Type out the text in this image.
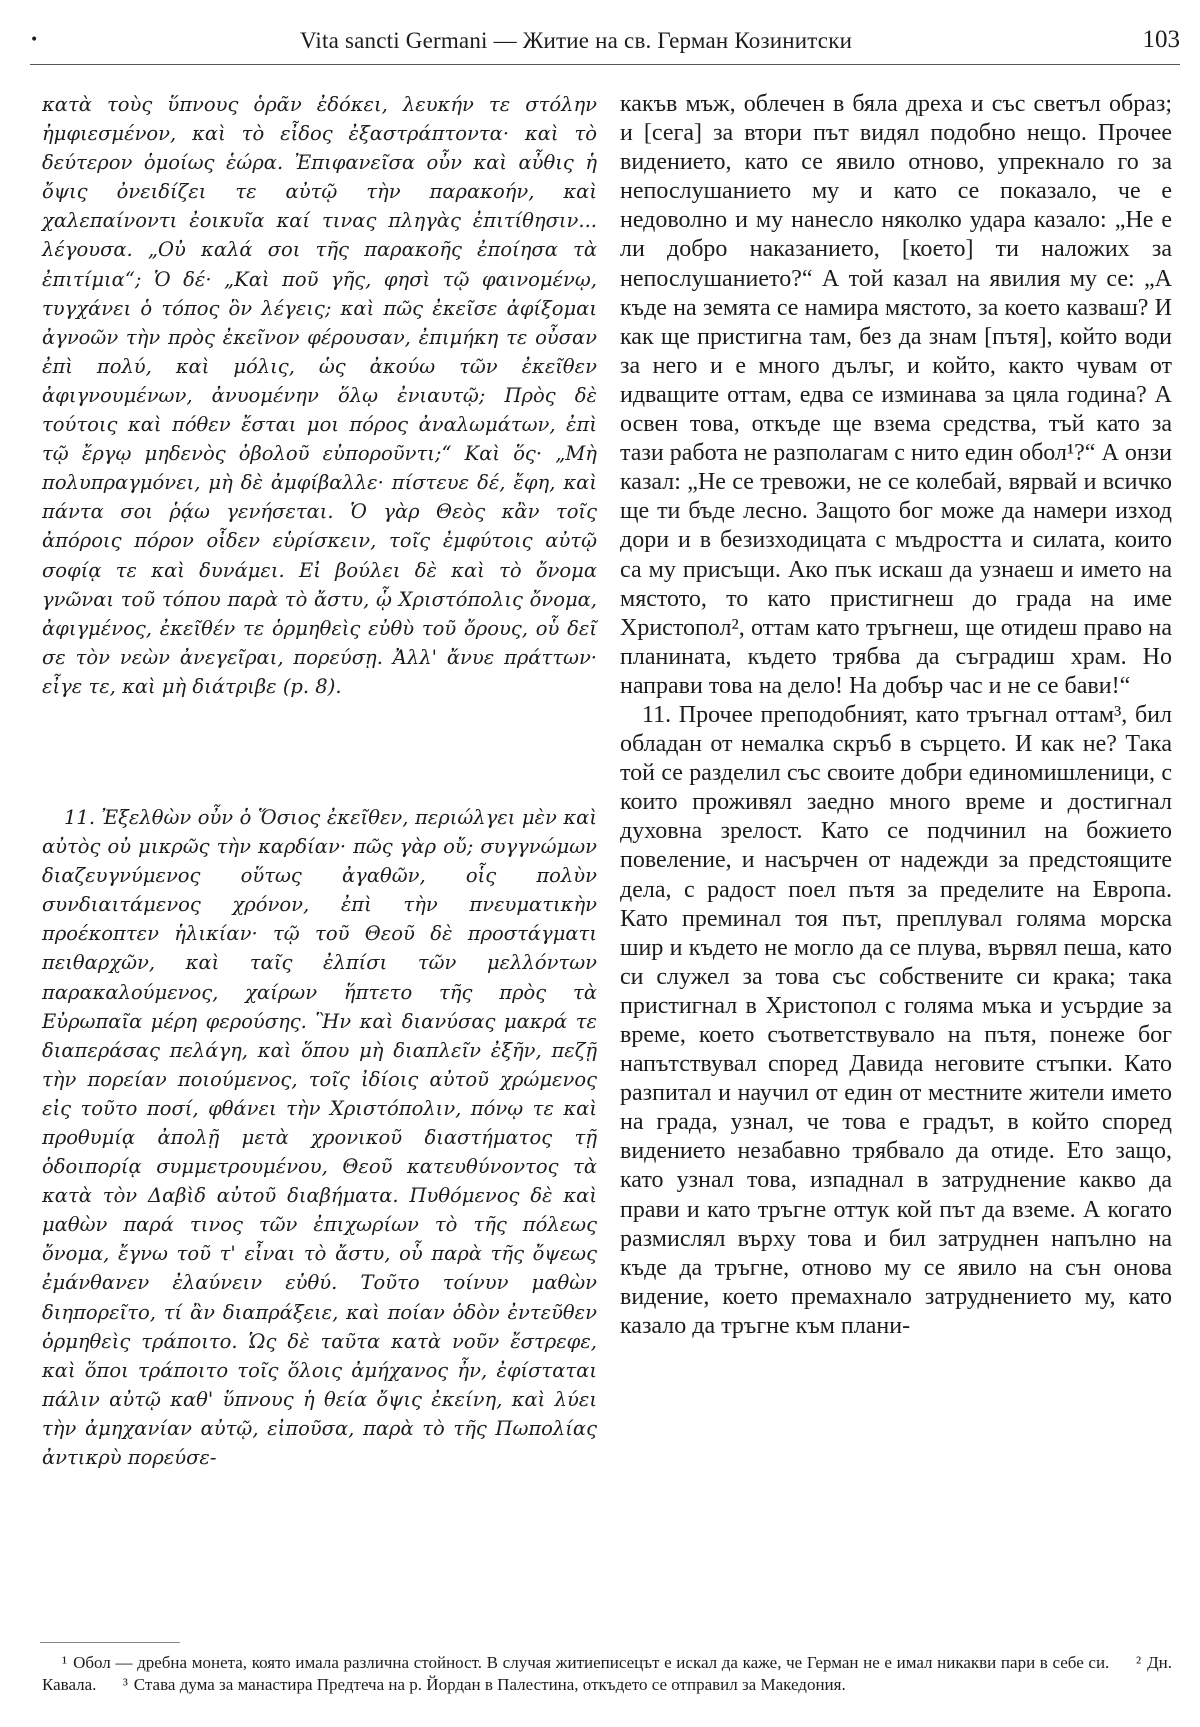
•	Vita sancti Germani — Житие на св. Герман Козинитски	103

κατὰ τοὺς ὕπνους ὁρᾶν ἐδόκει, λευκήν τε στόλην ἠμφιεσμένον, καὶ τὸ εἶδος ἐξαστράπτοντα· καὶ τὸ δεύτερον ὁμοίως ἑώρα. Ἐπιφανεῖσα οὖν καὶ αὖθις ἡ ὄψις ὀνειδίζει τε αὐτῷ τὴν παρακοήν, καὶ χαλεπαίνοντι ἐοικυῖα καί τινας πληγὰς ἐπιτίθησιν... λέγουσα. „Οὐ καλά σοι τῆς παρακοῆς ἐποίησα τὰ ἐπιτίμια“; Ὁ δέ· „Καὶ ποῦ γῆς, φησὶ τῷ φαινομένῳ, τυγχάνει ὁ τόπος ὃν λέγεις; καὶ πῶς ἐκεῖσε ἀφίξομαι ἀγνοῶν τὴν πρὸς ἐκεῖνον φέρουσαν, ἐπιμήκη τε οὖσαν ἐπὶ πολύ, καὶ μόλις, ὡς ἀκούω τῶν ἐκεῖθεν ἀφιγνουμένων, ἀνυομένην ὅλῳ ἐνιαυτῷ; Πρὸς δὲ τούτοις καὶ πόθεν ἔσται μοι πόρος ἀναλωμάτων, ἐπὶ τῷ ἔργῳ μηδενὸς ὀβολοῦ εὐποροῦντι;“ Καὶ ὅς· „Μὴ πολυπραγμόνει, μὴ δὲ ἀμφίβαλλε· πίστευε δέ, ἔφη, καὶ πάντα σοι ῥᾴω γενήσεται. Ὁ γὰρ Θεὸς κἂν τοῖς ἀπόροις πόρον οἶδεν εὑρίσκειν, τοῖς ἐμφύτοις αὐτῷ σοφίᾳ τε καὶ δυνάμει. Εἰ βούλει δὲ καὶ τὸ ὄνομα γνῶναι τοῦ τόπου παρὰ τὸ ἄστυ, ᾧ Χριστόπολις ὄνομα, ἀφιγμένος, ἐκεῖθέν τε ὁρμηθεὶς εὐθὺ τοῦ ὄρους, οὗ δεῖ σε τὸν νεὼν ἀνεγεῖραι, πορεύσῃ. Ἀλλ' ἄνυε πράττων· εἶγε τε, καὶ μὴ διάτριβε (p. 8).

11. Ἐξελθὼν οὖν ὁ Ὅσιος ἐκεῖθεν, περιώλγει μὲν καὶ αὐτὸς οὐ μικρῶς τὴν καρδίαν· πῶς γὰρ οὔ; συγγνώμων διαζευγνύμενος οὕτως ἀγαθῶν, οἷς πολὺν συνδιαιτάμενος χρόνον, ἐπὶ τὴν πνευματικὴν προέκοπτεν ἡλικίαν· τῷ τοῦ Θεοῦ δὲ προστάγματι πειθαρχῶν, καὶ ταῖς ἐλπίσι τῶν μελλόντων παρακαλούμενος, χαίρων ἥπτετο τῆς πρὸς τὰ Εὐρωπαῖα μέρη φερούσης. Ἣν καὶ διανύσας μακρά τε διαπεράσας πελάγη, καὶ ὅπου μὴ διαπλεῖν ἐξῆν, πεζῇ τὴν πορείαν ποιούμενος, τοῖς ἰδίοις αὐτοῦ χρώμενος εἰς τοῦτο ποσί, φθάνει τὴν Χριστόπολιν, πόνῳ τε καὶ προθυμίᾳ ἀπολῇ μετὰ χρονικοῦ διαστήματος τῇ ὁδοιπορίᾳ συμμετρουμένου, Θεοῦ κατευθύνοντος τὰ κατὰ τὸν Δαβὶδ αὐτοῦ διαβήματα. Πυθόμενος δὲ καὶ μαθὼν παρά τινος τῶν ἐπιχωρίων τὸ τῆς πόλεως ὄνομα, ἔγνω τοῦ τ' εἶναι τὸ ἄστυ, οὗ παρὰ τῆς ὄψεως ἐμάνθανεν ἐλαύνειν εὐθύ. Τοῦτο τοίνυν μαθὼν διηπορεῖτο, τί ἂν διαπράξειε, καὶ ποίαν ὁδὸν ἐντεῦθεν ὁρμηθεὶς τράποιτο. Ὡς δὲ ταῦτα κατὰ νοῦν ἔστρεφε, καὶ ὅποι τράποιτο τοῖς ὅλοις ἀμήχανος ἦν, ἐφίσταται πάλιν αὐτῷ καθ' ὕπνους ἡ θεία ὄψις ἐκείνη, καὶ λύει τὴν ἀμηχανίαν αὐτῷ, εἰποῦσα, παρὰ τὸ τῆς Πωπολίας ἀντικρὺ πορεύσε-

какъв мъж, облечен в бяла дреха и със светъл образ; и [сега] за втори път видял подобно нещо. Прочее видението, като се явило отново, упрекнало го за непослушанието му и като се показало, че е недоволно и му нанесло няколко удара казало: „Не е ли добро наказанието, [което] ти наложих за непослушанието?“ А той казал на явилия му се: „А къде на земята се намира мястото, за което казваш? И как ще пристигна там, без да знам [пътя], който води за него и е много дълъг, и който, както чувам от идващите оттам, едва се изминава за цяла година? А освен това, откъде ще взема средства, тъй като за тази работа не разполагам с нито един обол¹?“ А онзи казал: „Не се тревожи, не се колебай, вярвай и всичко ще ти бъде лесно. Защото бог може да намери изход дори и в безизходицата с мъдростта и силата, които са му присъщи. Ако пък искаш да узнаеш и името на мястото, то като пристигнеш до града на име Христопол², оттам като тръгнеш, ще отидеш право на планината, където трябва да съградиш храм. Но направи това на дело! На добър час и не се бави!“

11. Прочее преподобният, като тръгнал оттам³, бил обладан от немалка скръб в сърцето. И как не? Така той се разделил със своите добри единомишленици, с които проживял заедно много време и достигнал духовна зрелост. Като се подчинил на божието повеление, и насърчен от надежди за предстоящите дела, с радост поел пътя за пределите на Европа. Като преминал тоя път, преплувал голяма морска шир и където не могло да се плува, вървял пеша, като си служел за това със собствените си крака; така пристигнал в Христопол с голяма мъка и усърдие за време, което съответствувало на пътя, понеже бог напътствувал според Давида неговите стъпки. Като разпитал и научил от един от местните жители името на града, узнал, че това е градът, в който според видението незабавно трябвало да отиде. Ето защо, като узнал това, изпаднал в затруднение какво да прави и като тръгне оттук кой път да вземе. А когато размислял върху това и бил затруднен напълно на къде да тръгне, отново му се явило на сън онова видение, което премахнало затруднението му, като казало да тръгне към плани-

¹ Обол — дребна монета, която имала различна стойност. В случая житиеписецът е искал да каже, че Герман не е имал никакви пари в себе си. ² Дн. Кавала. ³ Става дума за манастира Предтеча на р. Йордан в Палестина, откъдето се отправил за Македония.
